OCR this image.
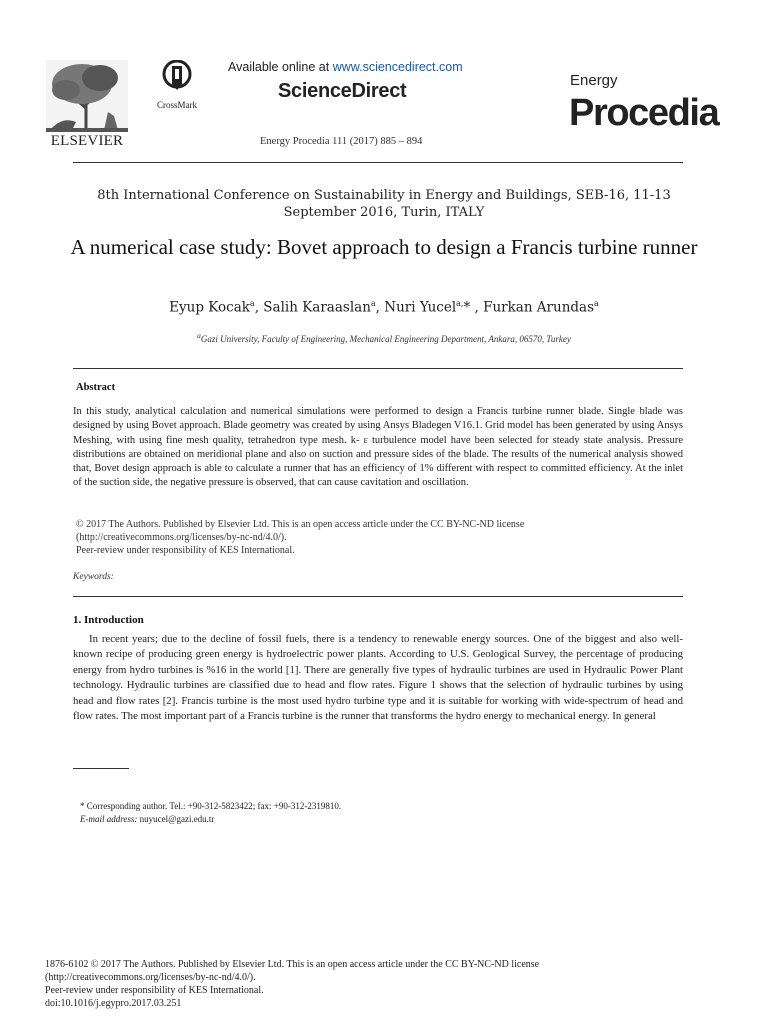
ELSEVIER
CrossMark
Available online at www.sciencedirect.com
ScienceDirect
Energy Procedia 111 (2017) 885 – 894
Energy
Procedia
8th International Conference on Sustainability in Energy and Buildings, SEB-16, 11-13 September 2016, Turin, ITALY
A numerical case study: Bovet approach to design a Francis turbine runner
Eyup Kocak$^a$, Salih Karaaslan$^a$, Nuri Yucel$^{a,}$* , Furkan Arundas$^a$
$^a$Gazi University, Faculty of Engineering, Mechanical Engineering Department, Ankara, 06570, Turkey
Abstract
In this study, analytical calculation and numerical simulations were performed to design a Francis turbine runner blade. Single blade was designed by using Bovet approach. Blade geometry was created by using Ansys Bladegen V16.1. Grid model has been generated by using Ansys Meshing, with using fine mesh quality, tetrahedron type mesh. k- ε turbulence model have been selected for steady state analysis. Pressure distributions are obtained on meridional plane and also on suction and pressure sides of the blade. The results of the numerical analysis showed that, Bovet design approach is able to calculate a runner that has an efficiency of 1% different with respect to committed efficiency. At the inlet of the suction side, the negative pressure is observed, that can cause cavitation and oscillation.
© 2017 The Authors. Published by Elsevier Ltd. This is an open access article under the CC BY-NC-ND license
(http://creativecommons.org/licenses/by-nc-nd/4.0/).
Peer-review under responsibility of KES International.
Keywords:
1. Introduction
In recent years; due to the decline of fossil fuels, there is a tendency to renewable energy sources. One of the biggest and also well-known recipe of producing green energy is hydroelectric power plants. According to U.S. Geological Survey, the percentage of producing energy from hydro turbines is %16 in the world [1]. There are generally five types of hydraulic turbines are used in Hydraulic Power Plant technology. Hydraulic turbines are classified due to head and flow rates. Figure 1 shows that the selection of hydraulic turbines by using head and flow rates [2]. Francis turbine is the most used hydro turbine type and it is suitable for working with wide-spectrum of head and flow rates. The most important part of a Francis turbine is the runner that transforms the hydro energy to mechanical energy. In general
* Corresponding author. Tel.: +90-312-5823422; fax: +90-312-2319810.
E-mail address: nuyucel@gazi.edu.tr
1876-6102 © 2017 The Authors. Published by Elsevier Ltd. This is an open access article under the CC BY-NC-ND license
(http://creativecommons.org/licenses/by-nc-nd/4.0/).
Peer-review under responsibility of KES International.
doi:10.1016/j.egypro.2017.03.251
